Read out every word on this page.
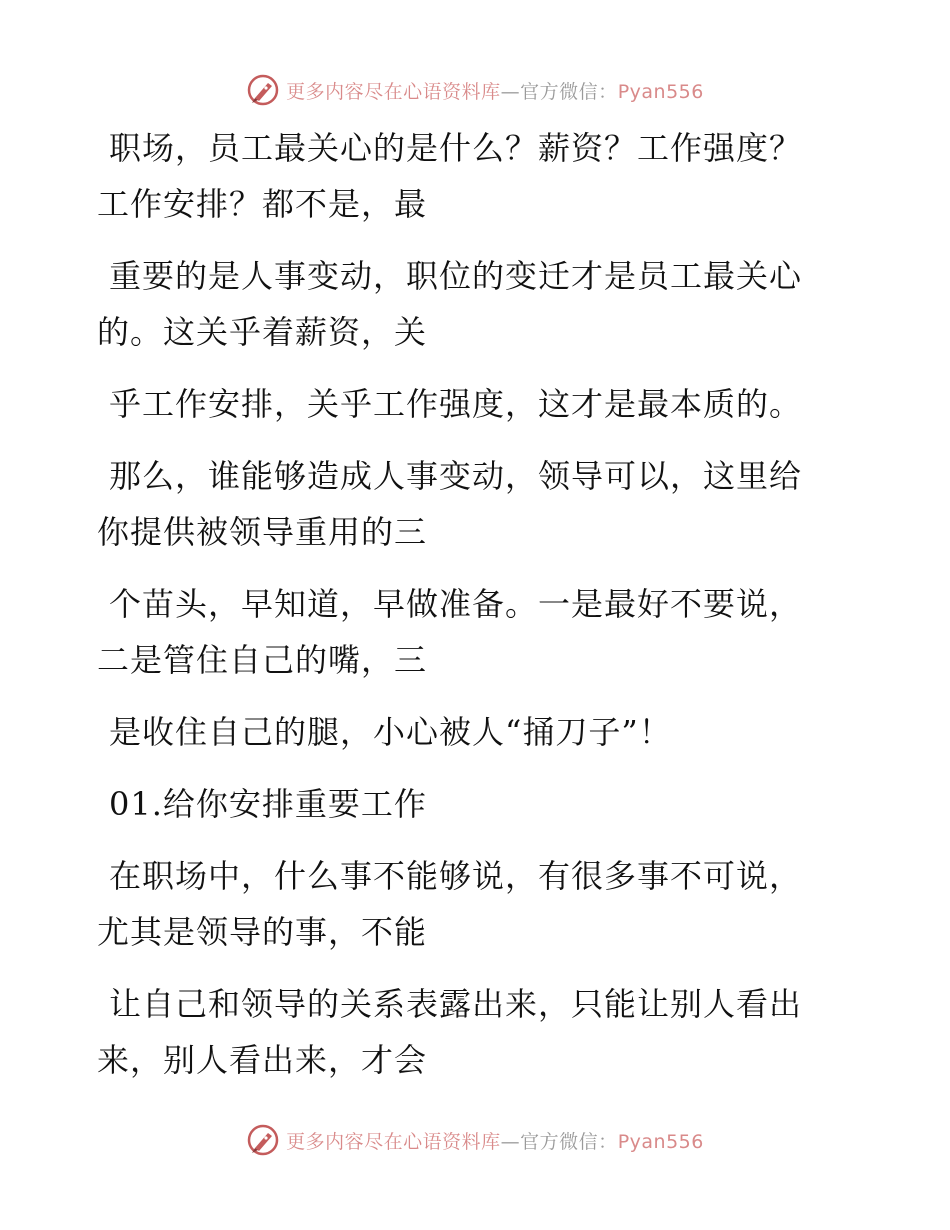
更多内容尽在心语资料库—官方微信：Pyan556

职场，员工最关心的是什么？薪资？工作强度？
工作安排？都不是，最

重要的是人事变动，职位的变迁才是员工最关心
的。这关乎着薪资，关

乎工作安排，关乎工作强度，这才是最本质的。

那么，谁能够造成人事变动，领导可以，这里给
你提供被领导重用的三

个苗头，早知道，早做准备。一是最好不要说，
二是管住自己的嘴，三

是收住自己的腿，小心被人“捅刀子”！

01.给你安排重要工作

在职场中，什么事不能够说，有很多事不可说，
尤其是领导的事，不能

让自己和领导的关系表露出来，只能让别人看出
来，别人看出来，才会

更多内容尽在心语资料库—官方微信：Pyan556
